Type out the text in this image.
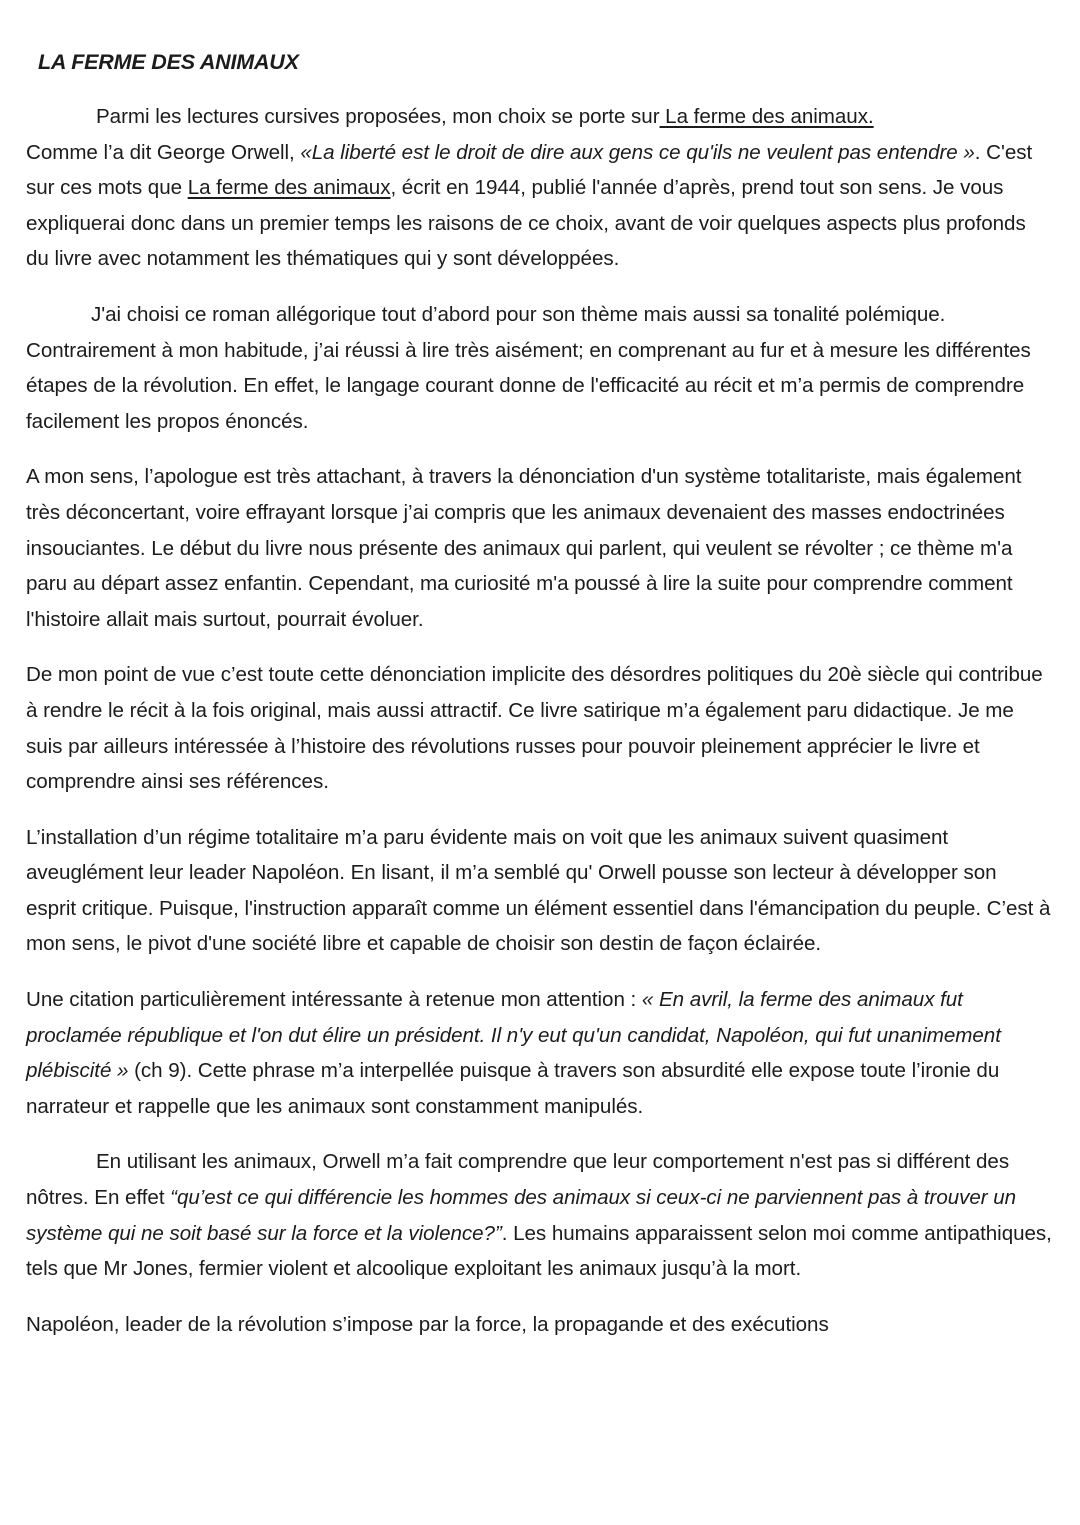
LA FERME DES ANIMAUX

Parmi les lectures cursives proposées, mon choix se porte sur La ferme des animaux.
Comme l’a dit George Orwell, «La liberté est le droit de dire aux gens ce qu'ils ne veulent pas entendre ». C'est sur ces mots que La ferme des animaux, écrit en 1944, publié l'année d’après, prend tout son sens. Je vous expliquerai donc dans un premier temps les raisons de ce choix, avant de voir quelques aspects plus profonds du livre avec notamment les thématiques qui y sont développées.

J'ai choisi ce roman allégorique tout d’abord pour son thème mais aussi sa tonalité polémique. Contrairement à mon habitude, j’ai réussi à lire très aisément; en comprenant au fur et à mesure les différentes étapes de la révolution. En effet, le langage courant donne de l'efficacité au récit et m’a permis de comprendre facilement les propos énoncés.

A mon sens, l’apologue est très attachant, à travers la dénonciation d'un système totalitariste, mais également très déconcertant, voire effrayant lorsque j’ai compris que les animaux devenaient des masses endoctrinées insouciantes. Le début du livre nous présente des animaux qui parlent, qui veulent se révolter ; ce thème m'a paru au départ assez enfantin. Cependant, ma curiosité m'a poussé à lire la suite pour comprendre comment l'histoire allait mais surtout, pourrait évoluer.

De mon point de vue c’est toute cette dénonciation implicite des désordres politiques du 20è siècle qui contribue à rendre le récit à la fois original, mais aussi attractif. Ce livre satirique m’a également paru didactique. Je me suis par ailleurs intéressée à l’histoire des révolutions russes pour pouvoir pleinement apprécier le livre et comprendre ainsi ses références.

L’installation d’un régime totalitaire m’a paru évidente mais on voit que les animaux suivent quasiment aveuglément leur leader Napoléon. En lisant, il m’a semblé qu' Orwell pousse son lecteur à développer son esprit critique. Puisque, l'instruction apparaît comme un élément essentiel dans l'émancipation du peuple. C’est à mon sens, le pivot d'une société libre et capable de choisir son destin de façon éclairée.

Une citation particulièrement intéressante à retenue mon attention : « En avril, la ferme des animaux fut proclamée république et l'on dut élire un président. Il n'y eut qu'un candidat, Napoléon, qui fut unanimement plébiscité » (ch 9). Cette phrase m’a interpellée puisque à travers son absurdité elle expose toute l’ironie du narrateur et rappelle que les animaux sont constamment manipulés.

En utilisant les animaux, Orwell m’a fait comprendre que leur comportement n'est pas si différent des nôtres. En effet “qu’est ce qui différencie les hommes des animaux si ceux-ci ne parviennent pas à trouver un système qui ne soit basé sur la force et la violence?”. Les humains apparaissent selon moi comme antipathiques, tels que Mr Jones, fermier violent et alcoolique exploitant les animaux jusqu’à la mort.

Napoléon, leader de la révolution s’impose par la force, la propagande et des exécutions
